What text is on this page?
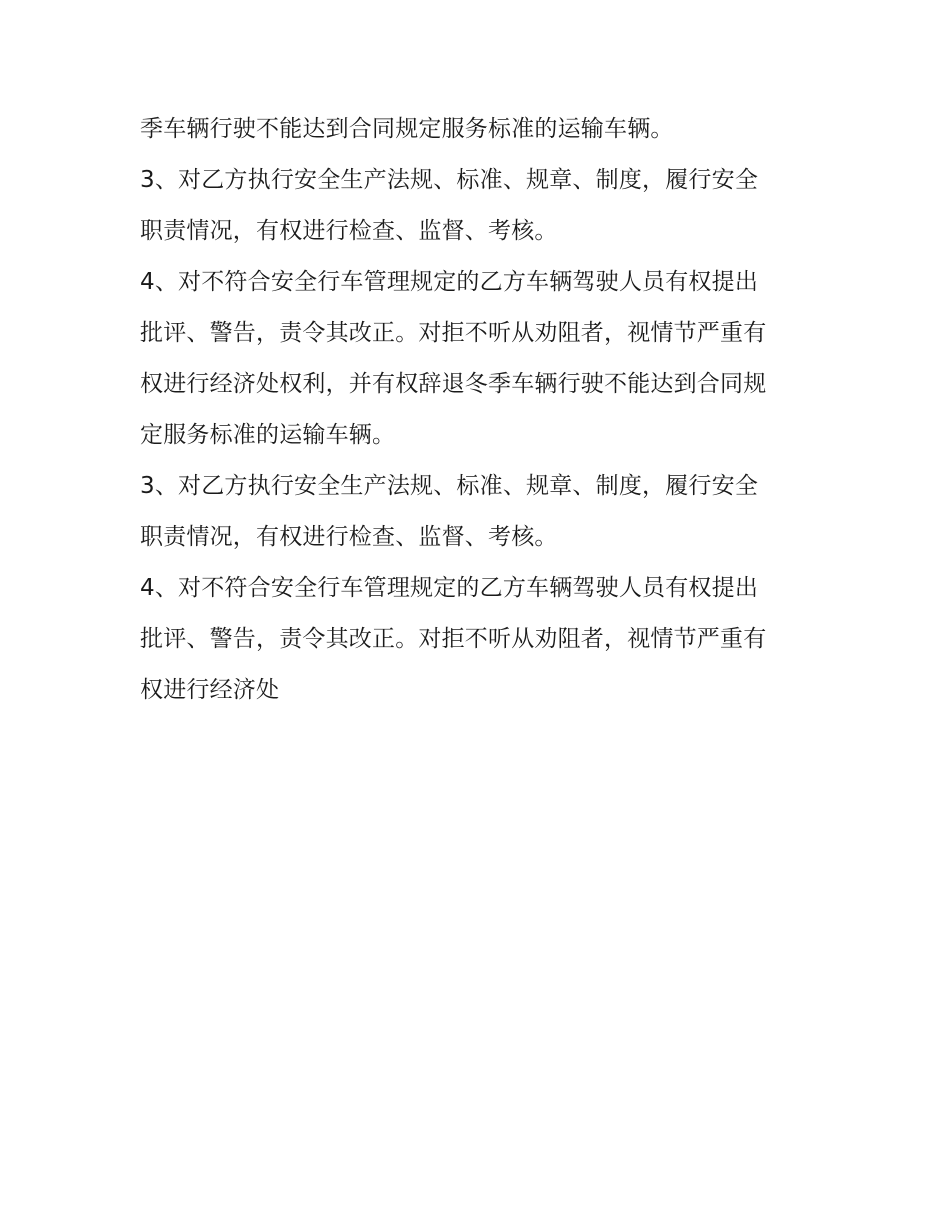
季车辆行驶不能达到合同规定服务标准的运输车辆。
3、对乙方执行安全生产法规、标准、规章、制度，履行安全
职责情况，有权进行检查、监督、考核。
4、对不符合安全行车管理规定的乙方车辆驾驶人员有权提出
批评、警告，责令其改正。对拒不听从劝阻者，视情节严重有
权进行经济处权利，并有权辞退冬季车辆行驶不能达到合同规
定服务标准的运输车辆。
3、对乙方执行安全生产法规、标准、规章、制度，履行安全
职责情况，有权进行检查、监督、考核。
4、对不符合安全行车管理规定的乙方车辆驾驶人员有权提出
批评、警告，责令其改正。对拒不听从劝阻者，视情节严重有
权进行经济处
